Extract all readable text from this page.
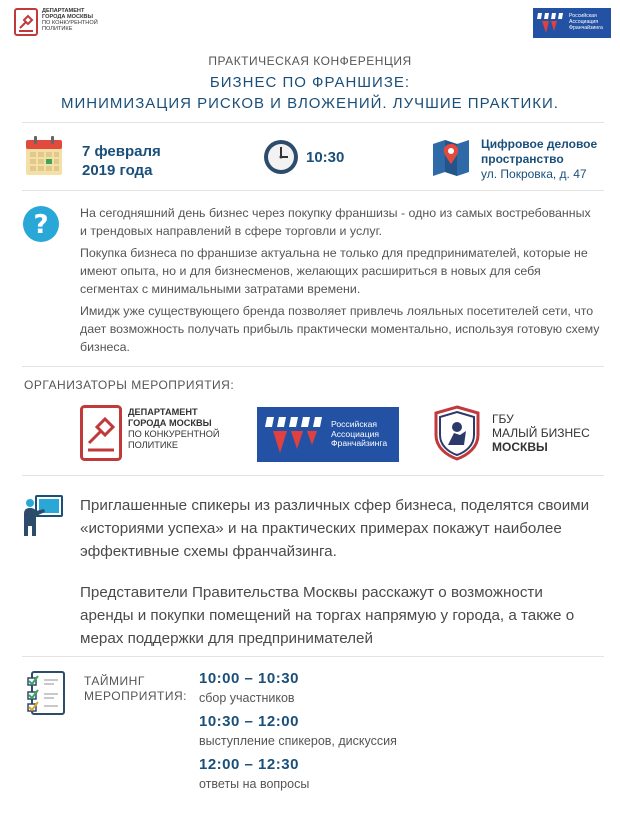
ДЕПАРТАМЕНТ
ГОРОДА МОСКВЫ
ПО КОНКУРЕНТНОЙ
ПОЛИТИКЕ
Российская
Ассоциация
Франчайзинга
ПРАКТИЧЕСКАЯ КОНФЕРЕНЦИЯ
БИЗНЕС ПО ФРАНШИЗЕ:
МИНИМИЗАЦИЯ РИСКОВ И ВЛОЖЕНИЙ. ЛУЧШИЕ ПРАКТИКИ.
7 февраля
2019 года
10:30
Цифровое деловое
пространство
ул. Покровка, д. 47
?	На сегодняшний день бизнес через покупку франшизы - одно из самых востребованных и трендовых направлений в сфере торговли и услуг.

Покупка бизнеса по франшизе актуальна не только для предпринимателей, которые не имеют опыта, но и для бизнесменов, желающих расшириться в новых для себя сегментах с минимальными затратами времени.

Имидж уже существующего бренда позволяет привлечь лояльных посетителей сети, что дает возможность получать прибыль практически моментально, используя готовую схему бизнеса.

ОРГАНИЗАТОРЫ МЕРОПРИЯТИЯ:
ДЕПАРТАМЕНТ
ГОРОДА МОСКВЫ
ПО КОНКУРЕНТНОЙ
ПОЛИТИКЕ
Российская
Ассоциация
Франчайзинга
ГБУ
МАЛЫЙ БИЗНЕС
МОСКВЫ

Приглашенные спикеры из различных сфер бизнеса, поделятся своими «историями успеха» и на практических примерах покажут наиболее эффективные схемы франчайзинга.

Представители Правительства Москвы расскажут о возможности аренды и покупки помещений на торгах напрямую у города, а также о мерах поддержки для предпринимателей

ТАЙМИНГ
МЕРОПРИЯТИЯ:
10:00 – 10:30
сбор участников
10:30 – 12:00
выступление спикеров, дискуссия
12:00 – 12:30
ответы на вопросы
